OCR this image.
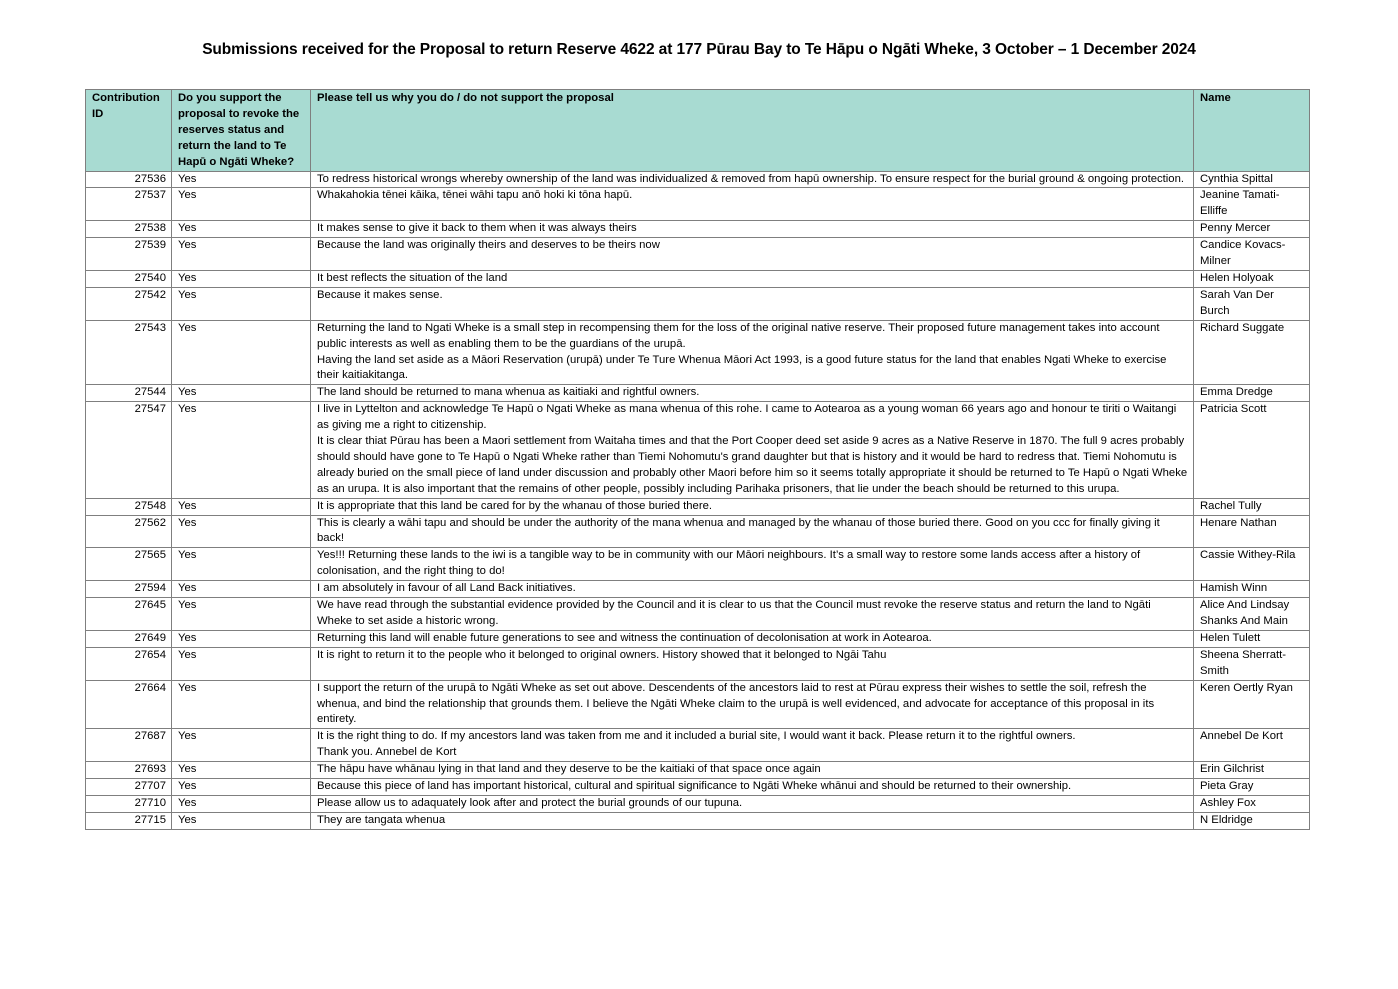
Submissions received for the Proposal to return Reserve 4622 at 177 Pūrau Bay to Te Hāpu o Ngāti Wheke, 3 October – 1 December 2024
Contribution ID	Do you support the proposal to revoke the reserves status and return the land to Te Hapū o Ngāti Wheke?	Please tell us why you do / do not support the proposal	Name
27536	Yes	To redress historical wrongs whereby ownership of the land was individualized & removed from hapū ownership. To ensure respect for the burial ground & ongoing protection.	Cynthia Spittal
27537	Yes	Whakahokia tēnei kāika, tēnei wāhi tapu anō hoki ki tōna hapū.	Jeanine Tamati-Elliffe
27538	Yes	It makes sense to give it back to them when it was always theirs	Penny Mercer
27539	Yes	Because the land was originally theirs and deserves to be theirs now	Candice Kovacs-Milner
27540	Yes	It best reflects the situation of the land	Helen Holyoak
27542	Yes	Because it makes sense.	Sarah Van Der Burch
27543	Yes	Returning the land to Ngati Wheke is a small step in recompensing them for the loss of the original native reserve. Their proposed future management takes into account public interests as well as enabling them to be the guardians of the urupā.
Having the land set aside as a Māori Reservation (urupā) under Te Ture Whenua Māori Act 1993, is a good future status for the land that enables Ngati Wheke to exercise their kaitiakitanga.	Richard Suggate
27544	Yes	The land should be returned to mana whenua as kaitiaki and rightful owners.	Emma Dredge
27547	Yes	I live in Lyttelton and acknowledge Te Hapū o Ngati Wheke as mana whenua of this rohe. I came to Aotearoa as a young woman 66 years ago and honour te tiriti o Waitangi as giving me a right to citizenship.
It is clear thiat Pūrau has been a Maori settlement from Waitaha times and that the Port Cooper deed set aside 9 acres as a Native Reserve in 1870. The full 9 acres probably should should have gone to Te Hapū o Ngati Wheke rather than Tiemi Nohomutu's grand daughter but that is history and it would be hard to redress that. Tiemi Nohomutu is already buried on the small piece of land under discussion and probably other Maori before him so it seems totally appropriate it should be returned to Te Hapū o Ngati Wheke as an urupa. It is also important that the remains of other people, possibly including Parihaka prisoners, that lie under the beach should be returned to this urupa.	Patricia Scott
27548	Yes	It is appropriate that this land be cared for by the whanau of those buried there.	Rachel Tully
27562	Yes	This is clearly a wāhi tapu and should be under the authority of the mana whenua and managed by the whanau of those buried there. Good on you ccc for finally giving it back!	Henare Nathan
27565	Yes	Yes!!! Returning these lands to the iwi is a tangible way to be in community with our Māori neighbours. It’s a small way to restore some lands access after a history of colonisation, and the right thing to do!	Cassie Withey-Rila
27594	Yes	I am absolutely in favour of all Land Back initiatives.	Hamish Winn
27645	Yes	We have read through the substantial evidence provided by the Council and it is clear to us that the Council must revoke the reserve status and return the land to Ngāti Wheke to set aside a historic wrong.	Alice And Lindsay Shanks And Main
27649	Yes	Returning this land will enable future generations to see and witness the continuation of decolonisation at work in Aotearoa.	Helen Tulett
27654	Yes	It is right to return it to the people who it belonged to original owners. History showed that it belonged to Ngāi Tahu	Sheena Sherratt-Smith
27664	Yes	I support the return of the urupā to Ngāti Wheke as set out above. Descendents of the ancestors laid to rest at Pūrau express their wishes to settle the soil, refresh the whenua, and bind the relationship that grounds them. I believe the Ngāti Wheke claim to the urupā is well evidenced, and advocate for acceptance of this proposal in its entirety.	Keren Oertly Ryan
27687	Yes	It is the right thing to do. If my ancestors land was taken from me and it included a burial site, I would want it back. Please return it to the rightful owners.
Thank you. Annebel de Kort	Annebel De Kort
27693	Yes	The hāpu have whānau lying in that land and they deserve to be the kaitiaki of that space once again	Erin Gilchrist
27707	Yes	Because this piece of land has important historical, cultural and spiritual significance to Ngāti Wheke whānui and should be returned to their ownership.	Pieta Gray
27710	Yes	Please allow us to adaquately look after and protect the burial grounds of our tupuna.	Ashley Fox
27715	Yes	They are tangata whenua	N Eldridge
